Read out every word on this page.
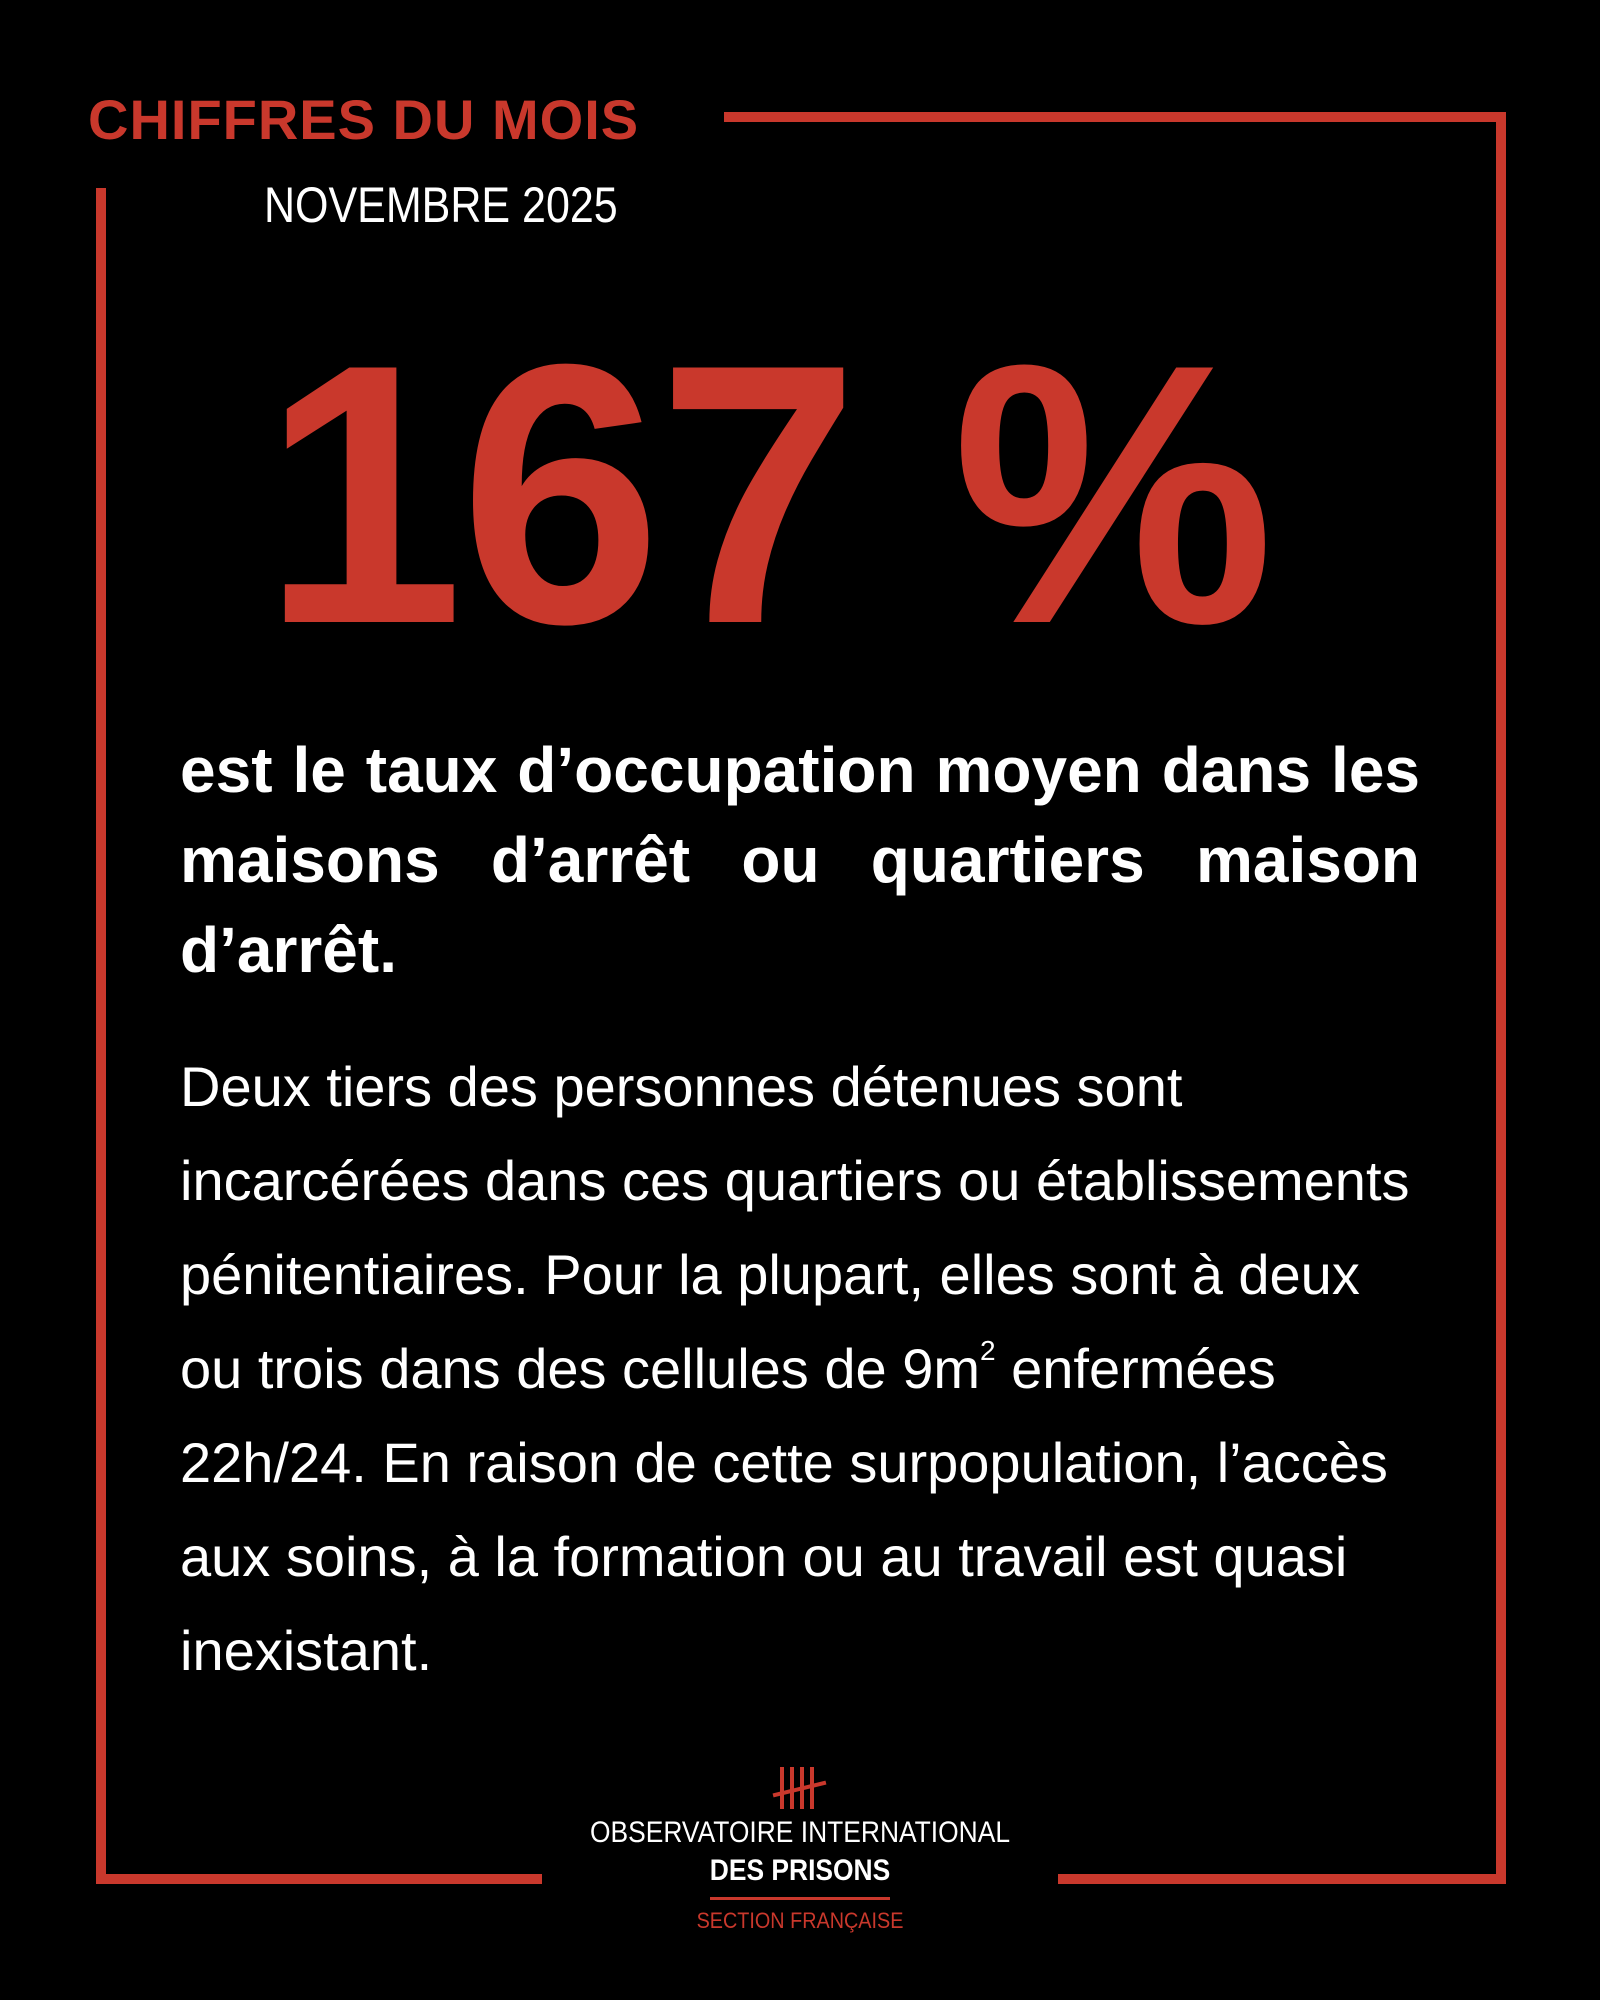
CHIFFRES DU MOIS
NOVEMBRE 2025
167 %
est le taux d’occupation moyen dans les maisons d’arrêt ou quartiers maison d’arrêt.
Deux tiers des personnes détenues sont incarcérées dans ces quartiers ou établissements pénitentiaires. Pour la plupart, elles sont à deux ou trois dans des cellules de $9m^2$ enfermées 22h/24. En raison de cette surpopulation, l’accès aux soins, à la formation ou au travail est quasi inexistant.
OBSERVATOIRE INTERNATIONAL
DES PRISONS
SECTION FRANÇAISE
